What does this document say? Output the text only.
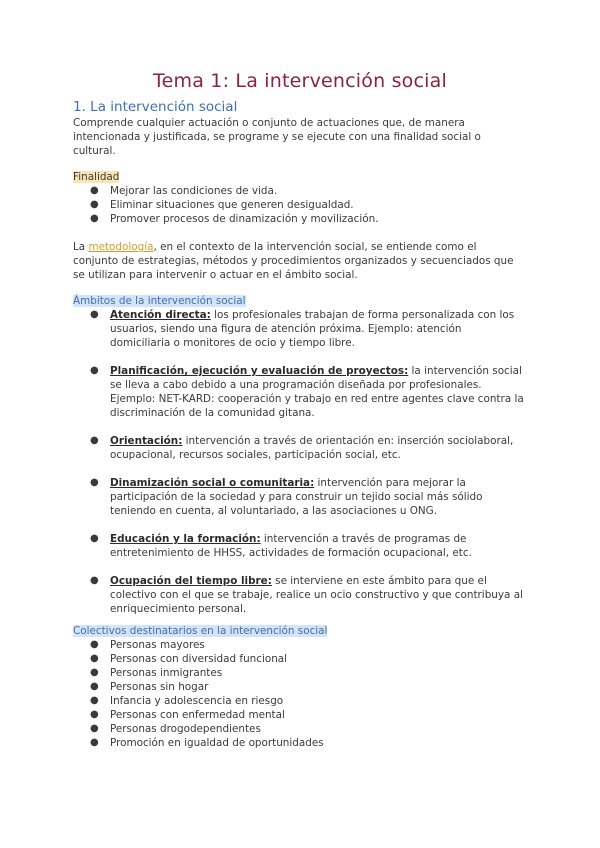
Tema 1: La intervención social
1. La intervención social
Comprende cualquier actuación o conjunto de actuaciones que, de manera intencionada y justificada, se programe y se ejecute con una finalidad social o cultural.
Finalidad
● Mejorar las condiciones de vida.
● Eliminar situaciones que generen desigualdad.
● Promover procesos de dinamización y movilización.
La metodología, en el contexto de la intervención social, se entiende como el conjunto de estrategias, métodos y procedimientos organizados y secuenciados que se utilizan para intervenir o actuar en el ámbito social.
Ámbitos de la intervención social
● Atención directa: los profesionales trabajan de forma personalizada con los usuarios, siendo una figura de atención próxima. Ejemplo: atención domiciliaria o monitores de ocio y tiempo libre.
● Planificación, ejecución y evaluación de proyectos: la intervención social se lleva a cabo debido a una programación diseñada por profesionales. Ejemplo: NET-KARD: cooperación y trabajo en red entre agentes clave contra la discriminación de la comunidad gitana.
● Orientación: intervención a través de orientación en: inserción sociolaboral, ocupacional, recursos sociales, participación social, etc.
● Dinamización social o comunitaria: intervención para mejorar la participación de la sociedad y para construir un tejido social más sólido teniendo en cuenta, al voluntariado, a las asociaciones u ONG.
● Educación y la formación: intervención a través de programas de entretenimiento de HHSS, actividades de formación ocupacional, etc.
● Ocupación del tiempo libre: se interviene en este ámbito para que el colectivo con el que se trabaje, realice un ocio constructivo y que contribuya al enriquecimiento personal.
Colectivos destinatarios en la intervención social
● Personas mayores
● Personas con diversidad funcional
● Personas inmigrantes
● Personas sin hogar
● Infancia y adolescencia en riesgo
● Personas con enfermedad mental
● Personas drogodependientes
● Promoción en igualdad de oportunidades
